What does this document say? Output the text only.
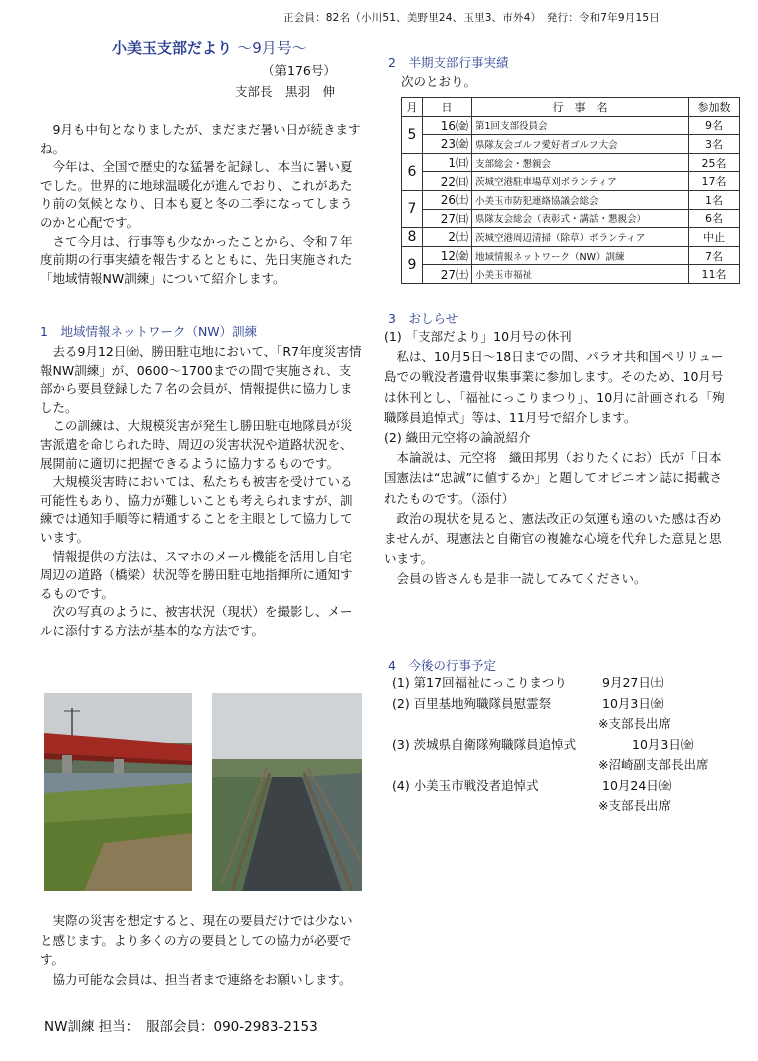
正会員：82名（小川51、美野里24、玉里3、市外4）　発行：令和7年9月15日
小美玉支部だより 〜9月号〜
（第176号）
支部長　黒羽　伸

9月も中旬となりましたが、まだまだ暑い日が続きますね。

今年は、全国で歴史的な猛暑を記録し、本当に暑い夏でした。世界的に地球温暖化が進んでおり、これがあたり前の気候となり、日本も夏と冬の二季になってしまうのかと心配です。

さて今月は、行事等も少なかったことから、令和７年度前期の行事実績を報告するとともに、先日実施された「地域情報NW訓練」について紹介します。

1　地域情報ネットワーク（NW）訓練

去る9月12日㈮、勝田駐屯地において、「R7年度災害情報NW訓練」が、0600〜1700までの間で実施され、支部から要員登録した７名の会員が、情報提供に協力しました。

この訓練は、大規模災害が発生し勝田駐屯地隊員が災害派遣を命じられた時、周辺の災害状況や道路状況を、展開前に適切に把握できるように協力するものです。

大規模災害時においては、私たちも被害を受けている可能性もあり、協力が難しいことも考えられますが、訓練では通知手順等に精通することを主眼として協力しています。

情報提供の方法は、スマホのメール機能を活用し自宅周辺の道路（橋梁）状況等を勝田駐屯地指揮所に通知するものです。

次の写真のように、被害状況（現状）を撮影し、メールに添付する方法が基本的な方法です。

実際の災害を想定すると、現在の要員だけでは少ないと感じます。より多くの方の要員としての協力が必要です。

協力可能な会員は、担当者まで連絡をお願いします。

NW訓練 担当：　服部会員：090-2983-2153
2　半期支部行事実績
次のとおり。
月	日	行　事　名	参加数
5	16㈮	第1回支部役員会	9名
	23㈮	県隊友会ゴルフ愛好者ゴルフ大会	3名
6	1㈰	支部総会・懇親会	25名
	22㈰	茨城空港駐車場草刈ボランティア	17名
7	26㈯	小美玉市防犯連絡協議会総会	1名
	27㈰	県隊友会総会（表彰式・講話・懇親会）	6名
8	2㈯	茨城空港周辺清掃（除草）ボランティア	中止
9	12㈮	地域情報ネットワーク（NW）訓練	7名
	27㈯	小美玉市福祉	11名
3　おしらせ

(1) 「支部だより」10月号の休刊

私は、10月5日〜18日までの間、パラオ共和国ペリリュー島での戦没者遺骨収集事業に参加します。そのため、10月号は休刊とし、「福祉にっこりまつり」、10月に計画される「殉職隊員追悼式」等は、11月号で紹介します。

(2) 織田元空将の論説紹介

本論説は、元空将　織田邦男（おりたくにお）氏が「日本国憲法は“忠誠”に値するか」と題してオピニオン誌に掲載されたものです。（添付）

政治の現状を見ると、憲法改正の気運も遠のいた感は否めませんが、現憲法と自衛官の複雑な心境を代弁した意見と思います。

会員の皆さんも是非一読してみてください。

4　今後の行事予定
(1) 第17回福祉にっこりまつり	9月27日㈯
(2) 百里基地殉職隊員慰霊祭	10月3日㈮
※支部長出席
(3) 茨城県自衛隊殉職隊員追悼式	10月3日㈮
※沼崎副支部長出席
(4) 小美玉市戦没者追悼式	10月24日㈮
※支部長出席
